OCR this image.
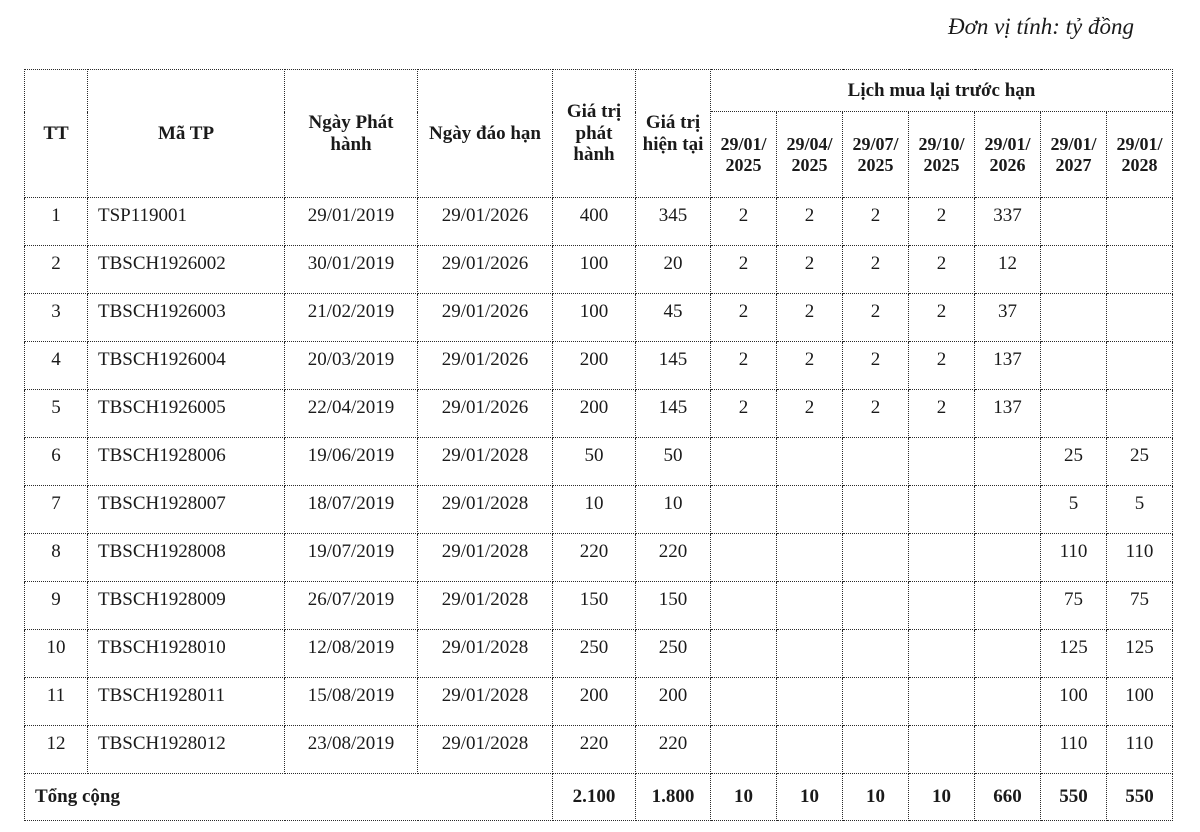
Đơn vị tính: tỷ đồng
TT	Mã TP	Ngày Phát hành	Ngày đáo hạn	Giá trị phát hành	Giá trị hiện tại	Lịch mua lại trước hạn						
						29/01/ 2025	29/04/ 2025	29/07/ 2025	29/10/ 2025	29/01/ 2026	29/01/ 2027	29/01/ 2028
1	TSP119001	29/01/2019	29/01/2026	400	345	2	2	2	2	337		
2	TBSCH1926002	30/01/2019	29/01/2026	100	20	2	2	2	2	12		
3	TBSCH1926003	21/02/2019	29/01/2026	100	45	2	2	2	2	37		
4	TBSCH1926004	20/03/2019	29/01/2026	200	145	2	2	2	2	137		
5	TBSCH1926005	22/04/2019	29/01/2026	200	145	2	2	2	2	137		
6	TBSCH1928006	19/06/2019	29/01/2028	50	50						25	25
7	TBSCH1928007	18/07/2019	29/01/2028	10	10						5	5
8	TBSCH1928008	19/07/2019	29/01/2028	220	220						110	110
9	TBSCH1928009	26/07/2019	29/01/2028	150	150						75	75
10	TBSCH1928010	12/08/2019	29/01/2028	250	250						125	125
11	TBSCH1928011	15/08/2019	29/01/2028	200	200						100	100
12	TBSCH1928012	23/08/2019	29/01/2028	220	220						110	110
Tổng cộng				2.100	1.800	10	10	10	10	660	550	550
